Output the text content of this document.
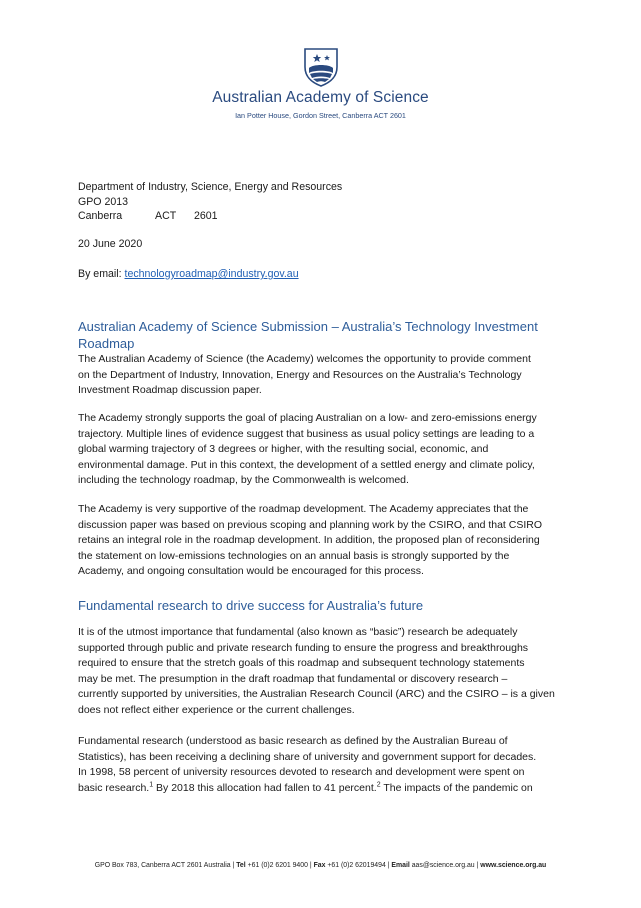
Australian Academy of Science
Ian Potter House, Gordon Street, Canberra ACT 2601
Department of Industry, Science, Energy and Resources
GPO 2013
Canberra	ACT 2601
20 June 2020
By email: technologyroadmap@industry.gov.au
Australian Academy of Science Submission – Australia’s Technology Investment
Roadmap
The Australian Academy of Science (the Academy) welcomes the opportunity to provide comment
on the Department of Industry, Innovation, Energy and Resources on the Australia’s Technology
Investment Roadmap discussion paper.
The Academy strongly supports the goal of placing Australian on a low- and zero-emissions energy
trajectory. Multiple lines of evidence suggest that business as usual policy settings are leading to a
global warming trajectory of 3 degrees or higher, with the resulting social, economic, and
environmental damage. Put in this context, the development of a settled energy and climate policy,
including the technology roadmap, by the Commonwealth is welcomed.
The Academy is very supportive of the roadmap development. The Academy appreciates that the
discussion paper was based on previous scoping and planning work by the CSIRO, and that CSIRO
retains an integral role in the roadmap development. In addition, the proposed plan of reconsidering
the statement on low-emissions technologies on an annual basis is strongly supported by the
Academy, and ongoing consultation would be encouraged for this process.
Fundamental research to drive success for Australia’s future
It is of the utmost importance that fundamental (also known as “basic”) research be adequately
supported through public and private research funding to ensure the progress and breakthroughs
required to ensure that the stretch goals of this roadmap and subsequent technology statements
may be met. The presumption in the draft roadmap that fundamental or discovery research –
currently supported by universities, the Australian Research Council (ARC) and the CSIRO – is a given
does not reflect either experience or the current challenges.
Fundamental research (understood as basic research as defined by the Australian Bureau of
Statistics), has been receiving a declining share of university and government support for decades.
In 1998, 58 percent of university resources devoted to research and development were spent on
basic research.$^1$ By 2018 this allocation had fallen to 41 percent.$^2$ The impacts of the pandemic on
GPO Box 783, Canberra ACT 2601 Australia | Tel +61 (0)2 6201 9400 | Fax +61 (0)2 62019494 | Email aas@science.org.au | www.science.org.au
